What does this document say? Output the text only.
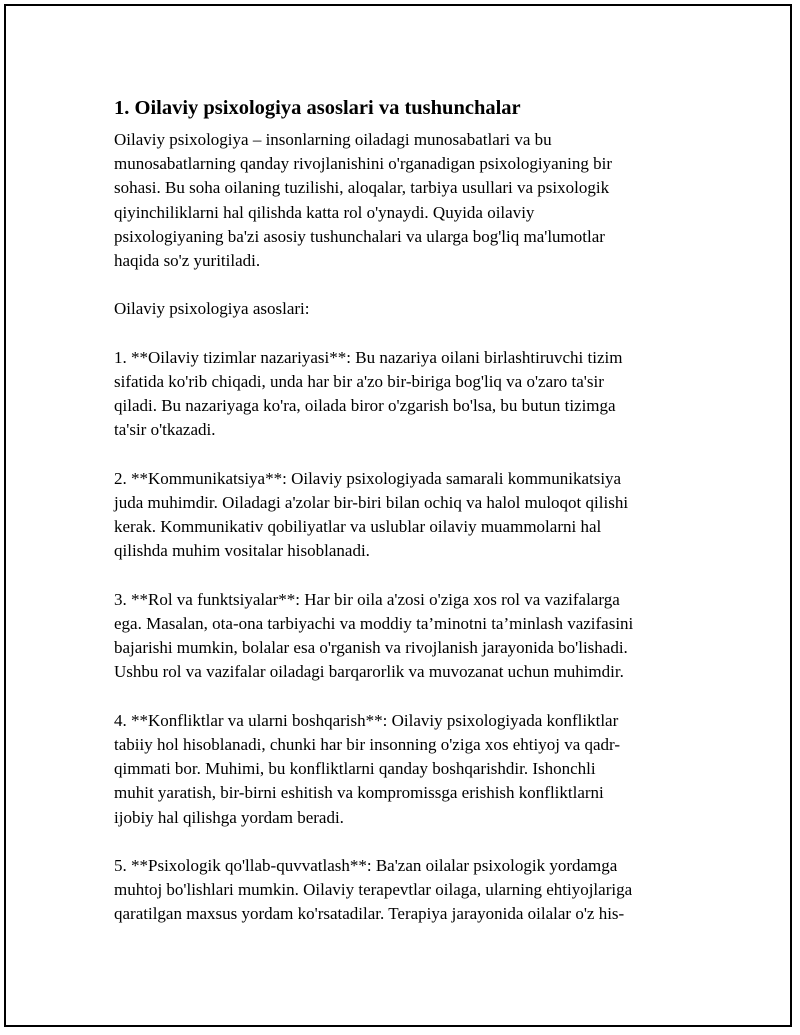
1. Oilaviy psixologiya asoslari va tushunchalar
Oilaviy psixologiya – insonlarning oiladagi munosabatlari va bu
munosabatlarning qanday rivojlanishini o'rganadigan psixologiyaning bir
sohasi. Bu soha oilaning tuzilishi, aloqalar, tarbiya usullari va psixologik
qiyinchiliklarni hal qilishda katta rol o'ynaydi. Quyida oilaviy
psixologiyaning ba'zi asosiy tushunchalari va ularga bog'liq ma'lumotlar
haqida so'z yuritiladi.
Oilaviy psixologiya asoslari:
1. **Oilaviy tizimlar nazariyasi**: Bu nazariya oilani birlashtiruvchi tizim
sifatida ko'rib chiqadi, unda har bir a'zo bir-biriga bog'liq va o'zaro ta'sir
qiladi. Bu nazariyaga ko'ra, oilada biror o'zgarish bo'lsa, bu butun tizimga
ta'sir o'tkazadi.
2. **Kommunikatsiya**: Oilaviy psixologiyada samarali kommunikatsiya
juda muhimdir. Oiladagi a'zolar bir-biri bilan ochiq va halol muloqot qilishi
kerak. Kommunikativ qobiliyatlar va uslublar oilaviy muammolarni hal
qilishda muhim vositalar hisoblanadi.
3. **Rol va funktsiyalar**: Har bir oila a'zosi o'ziga xos rol va vazifalarga
ega. Masalan, ota-ona tarbiyachi va moddiy ta’minotni ta’minlash vazifasini
bajarishi mumkin, bolalar esa o'rganish va rivojlanish jarayonida bo'lishadi.
Ushbu rol va vazifalar oiladagi barqarorlik va muvozanat uchun muhimdir.
4. **Konfliktlar va ularni boshqarish**: Oilaviy psixologiyada konfliktlar
tabiiy hol hisoblanadi, chunki har bir insonning o'ziga xos ehtiyoj va qadr-
qimmati bor. Muhimi, bu konfliktlarni qanday boshqarishdir. Ishonchli
muhit yaratish, bir-birni eshitish va kompromissga erishish konfliktlarni
ijobiy hal qilishga yordam beradi.
5. **Psixologik qo'llab-quvvatlash**: Ba'zan oilalar psixologik yordamga
muhtoj bo'lishlari mumkin. Oilaviy terapevtlar oilaga, ularning ehtiyojlariga
qaratilgan maxsus yordam ko'rsatadilar. Terapiya jarayonida oilalar o'z his-
